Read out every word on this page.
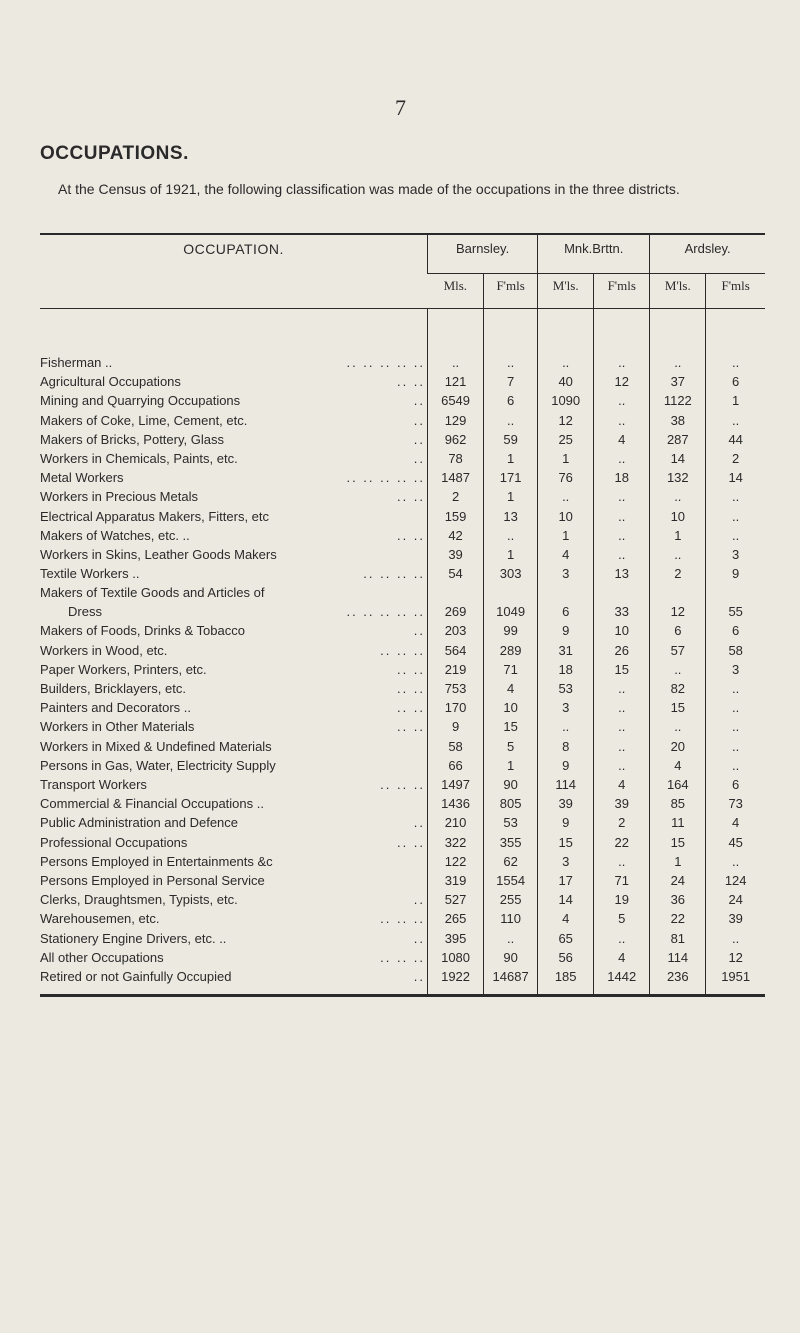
7
OCCUPATIONS.
At the Census of 1921, the following classification was made of the occupations in the three districts.

OCCUPATION.	Barnsley.		Mnk.Brttn.		Ardsley.	
	Mls.	F'mls	M'ls.	F'mls	M'ls.	F'mls

Fisherman .. .. .. .. .. ..	..	..	..	..	..	..
Agricultural Occupations .. ..	121	7	40	12	37	6
Mining and Quarrying Occupations ..	6549	6	1090	..	1122	1
Makers of Coke, Lime, Cement, etc. ..	129	..	12	..	38	..
Makers of Bricks, Pottery, Glass ..	962	59	25	4	287	44
Workers in Chemicals, Paints, etc. ..	78	1	1	..	14	2
Metal Workers .. .. .. .. ..	1487	171	76	18	132	14
Workers in Precious Metals .. ..	2	1	..	..	..	..
Electrical Apparatus Makers, Fitters, etc	159	13	10	..	10	..
Makers of Watches, etc. .. .. ..	42	..	1	..	1	..
Workers in Skins, Leather Goods Makers	39	1	4	..	..	3
Textile Workers .. .. .. .. ..	54	303	3	13	2	9
Makers of Textile Goods and Articles of
Dress .. .. .. .. ..	269	1049	6	33	12	55
Makers of Foods, Drinks & Tobacco ..	203	99	9	10	6	6
Workers in Wood, etc. .. .. ..	564	289	31	26	57	58
Paper Workers, Printers, etc. .. ..	219	71	18	15	..	3
Builders, Bricklayers, etc. .. ..	753	4	53	..	82	..
Painters and Decorators .. .. ..	170	10	3	..	15	..
Workers in Other Materials .. ..	9	15	..	..	..	..
Workers in Mixed & Undefined Materials	58	5	8	..	20	..
Persons in Gas, Water, Electricity Supply	66	1	9	..	4	..
Transport Workers .. .. ..	1497	90	114	4	164	6
Commercial & Financial Occupations ..	1436	805	39	39	85	73
Public Administration and Defence ..	210	53	9	2	11	4
Professional Occupations .. ..	322	355	15	22	15	45
Persons Employed in Entertainments &c	122	62	3	..	1	..
Persons Employed in Personal Service	319	1554	17	71	24	124
Clerks, Draughtsmen, Typists, etc. ..	527	255	14	19	36	24
Warehousemen, etc. .. .. ..	265	110	4	5	22	39
Stationery Engine Drivers, etc. .. ..	395	..	65	..	81	..
All other Occupations .. .. ..	1080	90	56	4	114	12
Retired or not Gainfully Occupied ..	1922	14687	185	1442	236	1951
